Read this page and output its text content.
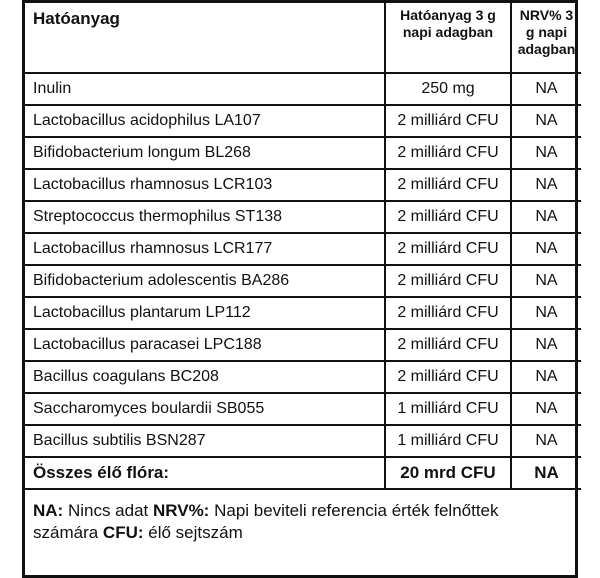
Hatóanyag	Hatóanyag 3 g napi adagban	NRV% 3 g napi adagban
Inulin	250 mg	NA
Lactobacillus acidophilus LA107	2 milliárd CFU	NA
Bifidobacterium longum BL268	2 milliárd CFU	NA
Lactobacillus rhamnosus LCR103	2 milliárd CFU	NA
Streptococcus thermophilus ST138	2 milliárd CFU	NA
Lactobacillus rhamnosus LCR177	2 milliárd CFU	NA
Bifidobacterium adolescentis BA286	2 milliárd CFU	NA
Lactobacillus plantarum LP112	2 milliárd CFU	NA
Lactobacillus paracasei LPC188	2 milliárd CFU	NA
Bacillus coagulans BC208	2 milliárd CFU	NA
Saccharomyces boulardii SB055	1 milliárd CFU	NA
Bacillus subtilis BSN287	1 milliárd CFU	NA
Összes élő flóra:	20 mrd CFU	NA
NA: Nincs adat NRV%: Napi beviteli referencia érték felnőttek számára CFU: élő sejtszám
